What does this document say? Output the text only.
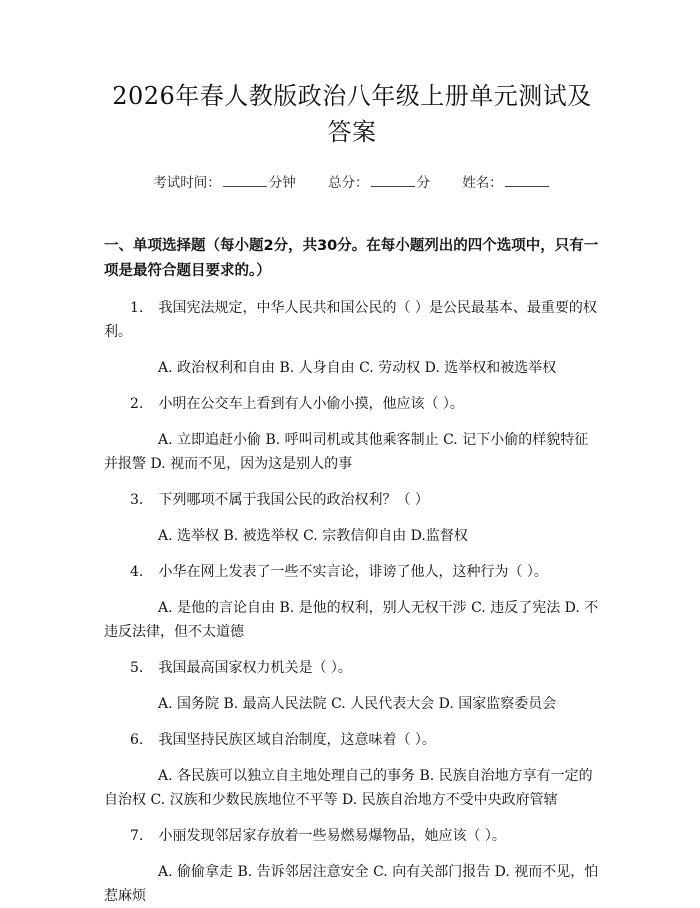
2026年春人教版政治八年级上册单元测试及答案
考试时间：	分钟 总分：	分 姓名：
一、单项选择题（每小题2分，共30分。在每小题列出的四个选项中，只有一项是最符合题目要求的。）
1. 我国宪法规定，中华人民共和国公民的（ ）是公民最基本、最重要的权利。
A. 政治权利和自由 B. 人身自由 C. 劳动权 D. 选举权和被选举权
2. 小明在公交车上看到有人小偷小摸，他应该（ ）。
A. 立即追赶小偷 B. 呼叫司机或其他乘客制止 C. 记下小偷的样貌特征并报警 D. 视而不见，因为这是别人的事
3. 下列哪项不属于我国公民的政治权利？（ ）
A. 选举权 B. 被选举权 C. 宗教信仰自由 D.监督权
4. 小华在网上发表了一些不实言论，诽谤了他人，这种行为（ ）。
A. 是他的言论自由 B. 是他的权利，别人无权干涉 C. 违反了宪法 D. 不违反法律，但不太道德
5. 我国最高国家权力机关是（ ）。
A. 国务院 B. 最高人民法院 C. 人民代表大会 D. 国家监察委员会
6. 我国坚持民族区域自治制度，这意味着（ ）。
A. 各民族可以独立自主地处理自己的事务 B. 民族自治地方享有一定的自治权 C. 汉族和少数民族地位不平等 D. 民族自治地方不受中央政府管辖
7. 小丽发现邻居家存放着一些易燃易爆物品，她应该（ ）。
A. 偷偷拿走 B. 告诉邻居注意安全 C. 向有关部门报告 D. 视而不见，怕惹麻烦
